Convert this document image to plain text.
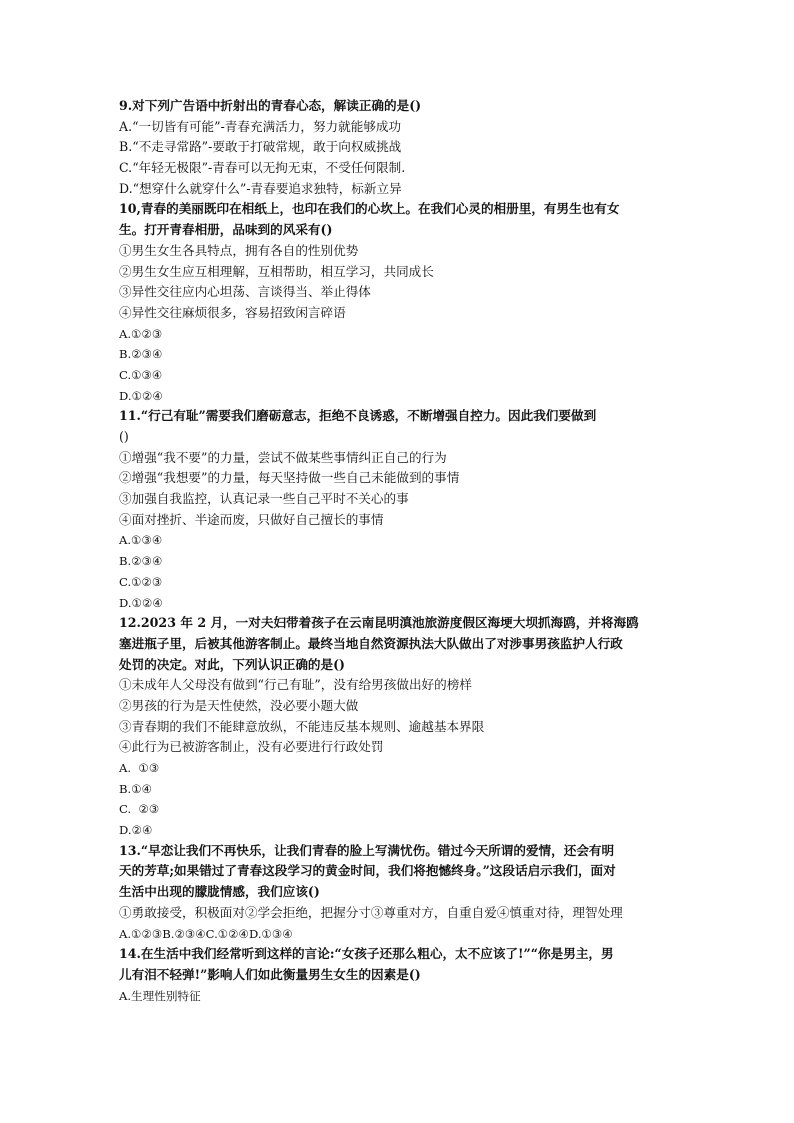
9.对下列广告语中折射出的青春心态，解读正确的是()
A.“一切皆有可能”-青春充满活力，努力就能够成功
B.“不走寻常路”-要敢于打破常规，敢于向权威挑战
C.“年轻无极限”-青春可以无拘无束，不受任何限制.
D.“想穿什么就穿什么”-青春要追求独特，标新立异
10,青春的美丽既印在相纸上，也印在我们的心坎上。在我们心灵的相册里，有男生也有女
生。打开青春相册，品味到的风采有()
①男生女生各具特点，拥有各自的性别优势
②男生女生应互相理解，互相帮助，相互学习，共同成长
③异性交往应内心坦荡、言谈得当、举止得体
④异性交往麻烦很多，容易招致闲言碎语
A.①②③
B.②③④
C.①③④
D.①②④
11.“行己有耻”需要我们磨砺意志，拒绝不良诱惑，不断增强自控力。因此我们要做到
()
①增强“我不要”的力量，尝试不做某些事情纠正自己的行为
②增强“我想要”的力量，每天坚持做一些自己未能做到的事情
③加强自我监控，认真记录一些自己平时不关心的事
④面对挫折、半途而废，只做好自己擅长的事情
A.①③④
B.②③④
C.①②③
D.①②④
12.2023 年 2 月，一对夫妇带着孩子在云南昆明滇池旅游度假区海埂大坝抓海鸥，并将海鸥
塞进瓶子里，后被其他游客制止。最终当地自然资源执法大队做出了对涉事男孩监护人行政
处罚的决定。对此，下列认识正确的是()
①未成年人父母没有做到“行己有耻”，没有给男孩做出好的榜样
②男孩的行为是天性使然，没必要小题大做
③青春期的我们不能肆意放纵，不能违反基本规则、逾越基本界限
④此行为已被游客制止，没有必要进行行政处罚
A.  ①③
B.①④
C.  ②③
D.②④
13.“早恋让我们不再快乐，让我们青春的脸上写满忧伤。错过今天所谓的爱情，还会有明
天的芳草;如果错过了青春这段学习的黄金时间，我们将抱憾终身。”这段话启示我们，面对
生活中出现的朦胧情感，我们应该()
①勇敢接受，积极面对②学会拒绝，把握分寸③尊重对方，自重自爱④慎重对待，理智处理
A.①②③B.②③④C.①②④D.①③④
14.在生活中我们经常听到这样的言论:“女孩子还那么粗心，太不应该了!”“你是男主，男
儿有泪不轻弹!”影响人们如此衡量男生女生的因素是()
A.生理性别特征
